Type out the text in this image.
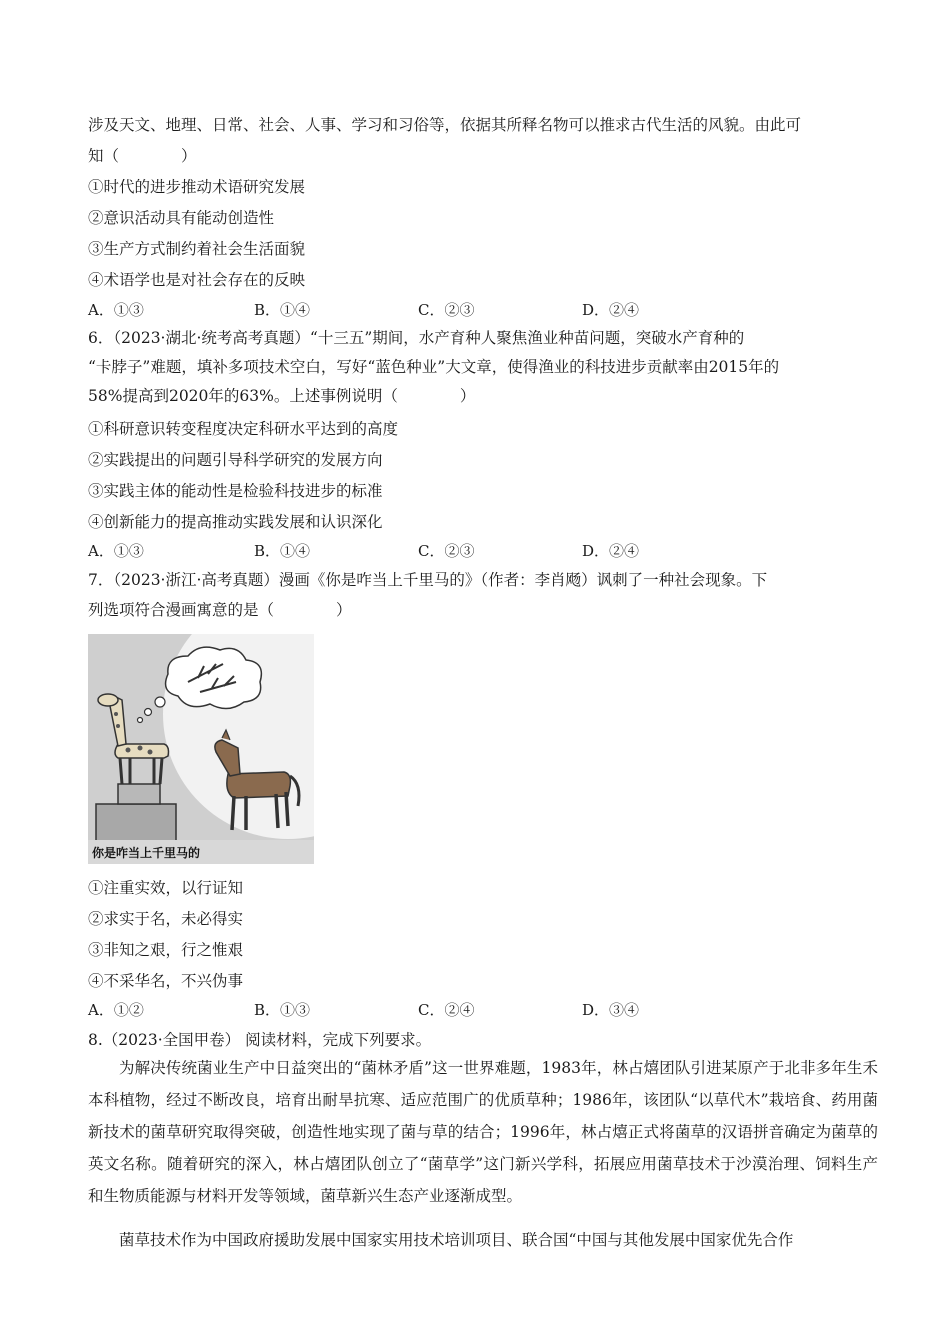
涉及天文、地理、日常、社会、人事、学习和习俗等，依据其所释名物可以推求古代生活的风貌。由此可
知（　　　　）
①时代的进步推动术语研究发展
②意识活动具有能动创造性
③生产方式制约着社会生活面貌
④术语学也是对社会存在的反映
A．①③	B．①④	C．②③	D．②④
6．（2023·湖北·统考高考真题）“十三五”期间，水产育种人聚焦渔业种苗问题，突破水产育种的
“卡脖子”难题，填补多项技术空白，写好“蓝色种业”大文章，使得渔业的科技进步贡献率由2015年的
58%提高到2020年的63%。上述事例说明（　　　　）
①科研意识转变程度决定科研水平达到的高度
②实践提出的问题引导科学研究的发展方向
③实践主体的能动性是检验科技进步的标准
④创新能力的提高推动实践发展和认识深化
A．①③	B．①④	C．②③	D．②④
7．（2023·浙江·高考真题）漫画《你是咋当上千里马的》（作者：李肖飏）讽刺了一种社会现象。下
列选项符合漫画寓意的是（　　　　）
你是咋当上千里马的
①注重实效，以行证知
②求实于名，未必得实
③非知之艰，行之惟艰
④不采华名，不兴伪事
A．①②	B．①③	C．②④	D．③④
8.（2023·全国甲卷） 阅读材料，完成下列要求。
为解决传统菌业生产中日益突出的“菌林矛盾”这一世界难题，1983年，林占熺团队引进某原产于北非多年生禾本科植物，经过不断改良，培育出耐旱抗寒、适应范围广的优质草种；1986年，该团队“以草代木”栽培食、药用菌新技术的菌草研究取得突破，创造性地实现了菌与草的结合；1996年，林占熺正式将菌草的汉语拼音确定为菌草的英文名称。随着研究的深入，林占熺团队创立了“菌草学”这门新兴学科，拓展应用菌草技术于沙漠治理、饲料生产和生物质能源与材料开发等领域，菌草新兴生态产业逐渐成型。
菌草技术作为中国政府援助发展中国家实用技术培训项目、联合国“中国与其他发展中国家优先合作
